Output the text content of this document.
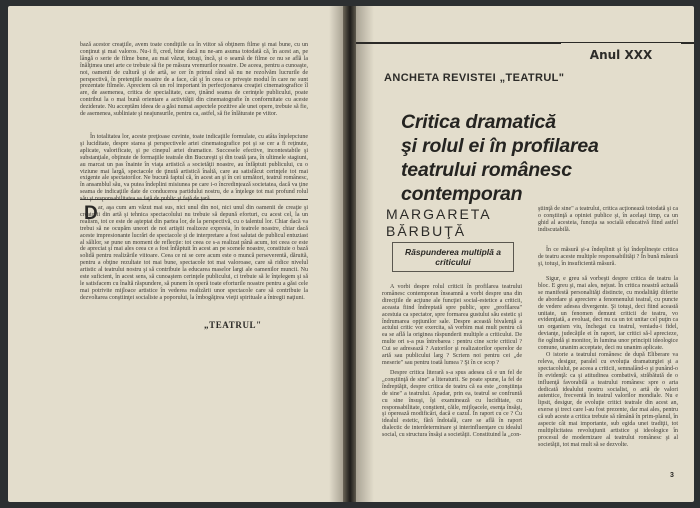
bază acestor creaţiile, avem toate condiţiile ca în viitor să obţinem filme şi mai bune, cu un conţinut şi mai valoros. Nu-i fi, cred, bine dacă nu ne-am asuma totodată că, în acest an, pe lângă o serie de filme bune, au mai văzut, totuşi, încă, şi o seamă de filme ce nu se află la înălţimea unei arte ce trebuie să fie pe măsura vremurilor noastre. De aceea, pentru a cunoaşte, noi, oamenii de cultură şi de artă, se cer în primul rând să nu ne rezolvăm lucrurile de perspectivă, în pretenţiile noastre de a face, cât şi în ceea ce priveşte modul în care ne sunt prezentate filmele. Apreciem că un rol important în perfecţionarea creaţiei cinematografice îl are, de asemenea, critica de specialitate, care, ţinând seama de cerinţele publicului, poate contribui la o mai bună orientare a activităţii din cinematografie în conformitate cu aceste deziderate. Nu acceptăm ideea de a găsi numai aspectele pozitive ale unei opere, trebuie să fie, de asemenea, subliniate şi neajunsurile, pentru ca, astfel, să fie înlăturate pe viitor.

În totalitatea lor, aceste preţioase cuvinte, toate indicaţiile formulate, cu atâta înţelepciune şi luciditate, despre starea şi perspectivele artei cinematografice pot şi se cer a fi reţinute, aplicate, valorificate, şi pe cinepul artei dramatice. Succesele efective, incontestabile şi substanţiale, obţinute de formaţiile teatrale din Bucureşti şi din toată ţara, în ultimele stagiuni, au marcat un pas înainte în viaţa artistică a societăţii noastre, au înfăptuit publicului, cu o viziune mai largă, spectacole de ţinută artistică înaltă, care au satisfăcut cerinţele tot mai exigente ale spectatorilor. Ne bucură faptul că, în acest an şi în cei următori, teatrul românesc, în ansamblul său, va putea îndeplini misiunea pe care i-o încredinţează societatea, dacă va ţine seama de indicaţiile date de conducerea partidului nostru, de a înţelege tot mai profund rolul

D ar, aşa cum am văzut mai sus, nici unul din noi, nici unul din oamenii de creaţie şi creatorii din artă şi tehnica spectacolului nu trebuie să depună eforturi, cu acest cel, la un realism, tot ce este de aşteptat din partea lor, de la perspectivă, cu o talentul lor. Chiar dacă va trebui să ne ocupăm uneori de noi artiştii realizeze expresia, în teatrele noastre, chiar dacă aceste impresionante lucrări de spectacole şi de interpretare a fost salutat de publicul entuziast al sălilor, se pune un moment de reflecţie: tot ceea ce s-a realizat până acum, tot ceea ce este de apreciat şi mai ales ceea ce a fost înfăptuit în acest an pe scenele noastre, constituie o bază solidă pentru realizările viitoare. Ceea ce ni se cere acum este o muncă perseverentă, dăruită, pentru a obţine rezultate tot mai bune, spectacole tot mai valoroase, care să ridice nivelul artistic al teatrului nostru şi să contribuie la educarea maselor largi ale oamenilor muncii. Nu este suficient, în acest sens, să cunoaştem cerinţele publicului, ci trebuie să le înţelegem şi să le satisfacem cu înaltă răspundere, să punem în operă toate eforturile noastre pentru a găsi cele mai potrivite mijloace artistice în vederea realizării unor spectacole care să contribuie la dezvoltarea conştiinţei socialiste a poporului, la îmbogăţirea vieţii spirituale a întregii naţiuni.

„TEATRUL"
Anul XXX
ANCHETA REVISTEI „TEATRUL"
Critica dramatică
şi rolul ei în profilarea
teatrului românesc contemporan
MARGARETA
BĂRBUŢĂ
Răspunderea multiplă a criticului

A vorbi despre rolul criticii în profilarea teatrului românesc contemporan înseamnă a vorbi despre una din direcţiile de acţiune ale funcţiei social-estetice a criticii, aceasta fiind îndreptată spre public, spre „profilarea" acestuia ca spectator, spre formarea gustului său estetic şi îndrumarea opţiunilor sale. Despre această bivalenţă a actului critic vor exercita, să vorbim mai mult pentru că ea se află la originea răspunderii multiple a criticului. De multe ori s-a pus întrebarea : pentru cine scrie criticul ? Cui se adresează ? Autorilor şi realizatorilor operelor de artă sau publicului larg ? Scriem noi pentru cei „de meserie" sau pentru toată lumea ? Şi în ce scop ?

Despre critica literară s-a spus adesea că e un fel de „conştiinţă de sine" a literaturii. Se poate spune, la fel de îndreptăţit, despre critica de teatru că ea este „conştiinţa de sine" a teatrului. Apadar, prin ea, teatrul se confruntă cu sine însuşi, îşi examinează cu luciditate, cu responsabilitate, conştient, căile, mijloacele, esenţa însăşi, şi operează modificări, dacă e cazul. În raport cu ce ? Cu idealul estetic, fără îndoială, care se află în raport dialectic de interdeterminare şi interinfluenţare cu idealul social, cu structura însăşi a societăţii. Constituind la „con-

ştiinţă de sine" a teatrului, critica acţionează totodată şi ca o conştiinţă a opiniei publice şi, în acelaşi timp, ca un ghid al acesteia, funcţia sa socială educativă fiind astfel indiscutabilă.

În ce măsură şi-a îndeplinit şi îşi îndeplineşte critica de teatru aceste multiple responsabilităţi ? În bună măsură şi, totuşi, în insuficientă măsură.

Sigur, e greu să vorbeşti despre critica de teatru la bloc. E greu şi, mai ales, nejust. În critica noastră actuală se manifestă personalităţi distincte, cu modalităţi diferite de abordare şi apreciere a fenomenului teatral, cu puncte de vedere adesea divergente. Şi totuşi, deci fiind această unitate, un fenomen demunt criticii de teatru, vo evidenţiată, a evoluat, deci nu ca un tot unitar cel puţin ca un organism viu, închegat cu teatrul, veniadu-i fidel, devianţe, judecăţile ei în raport, iar critici să-l aprecieze, fie oglindă şi monitor, în lumina unor principii ideologice comune, unanim acceptate, deci nu unanim aplicate.

O istorie a teatrului românesc de după Eliberare va releva, desigur, paralel cu evoluţia dramaturgiei şi a spectacolului, pe aceea a criticii, semnalând-o şi punând-o în evidenţă: ca şi atitudinea combativă, străbătută de o influenţă favorabilă a teatrului românesc spre o arta dedicată idealului nostru socialist, o artă de valori autentice, frecventă în teatrul valorilor mondiale. Nu e lipsit, desigur, de evoluţie critici teatrale din acest an, exerse şi treci care l-au fost prezente, dar mai ales, pentru că sub aceste a critica trebuie să rămână în prim-planul, în aspecte cât mai importante, sub egida unei tradiţii, tot multiplicitatea revoluţiunii artistice şi ideologice în procesul de modernizare al teatrului românesc şi al societăţii, tot mai mult să se dezvolte.

3
